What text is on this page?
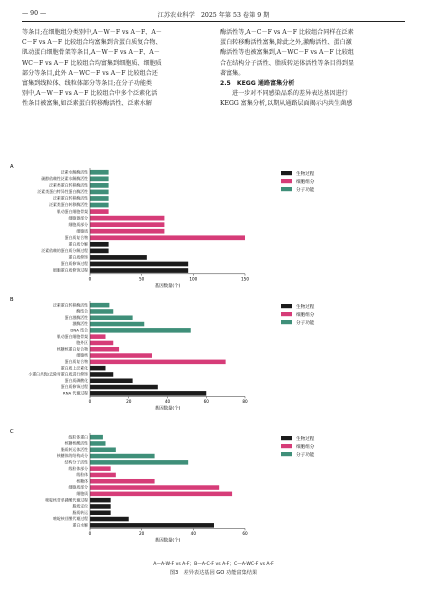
— 90 —	江苏农业科学　2025 年第 53 卷第 9 期
等条目;在细胞组分类别中,A－W－F vs A－F、A－
C－F vs A－F 比较组合均富集到含蛋白质复合物、
肌动蛋白细胞骨架等条目,A－W－F vs A－F、A－
WC－F vs A－F 比较组合均富集到细胞质、细胞质
部分等条目,此外 A－WC－F vs A－F 比较组合还
富集到线粒体、线粒体部分等条目;在分子功能类
别中,A－W－F vs A－F 比较组合中多个泛素化活
性条目被富集,如泛素蛋白转移酶活性、泛素水解
酶活性等,A－C－F vs A－F 比较组合同样在泛素
蛋白转移酶活性富集,除此之外,激酶活性、蛋白激
酶活性等也被富集到,A－WC－F vs A－F 比较组
合在结构分子活性、脂质转运体活性等条目得到显
著富集。
2.5　KEGG 通路富集分析
进一步对不同感染品系的差异表达基因进行
KEGG 富集分析,以期从通路层面揭示内共生菌感
A
泛素水解酶活性
硫醇依赖性泛素水解酶活性
泛素类蛋白转移酶活性
泛素类蛋白特异性蛋白酶活性
泛素蛋白转移酶活性
泛素类蛋白转移酶活性
肌动蛋白细胞骨架
细胞器部分
细胞质部分
细胞质
蛋白质复合物
蛋白质分解
泛素依赖的蛋白质分解过程
蛋白质修饰
蛋白质修饰过程
细胞蛋白质修饰过程
0	50	100	150
基因数量(个)
生物过程
细胞组分
分子功能
B
泛素蛋白转移酶活性
酶结合
蛋白激酶活性
激酶活性
DNA 结合
肌动蛋白细胞骨架
胞外区
核糖核蛋白复合物
细胞核
蛋白质复合物
蛋白质上泛素化
小蛋白共轭/去除对蛋白质进行修饰
蛋白质磷酸化
蛋白质修饰过程
RNA 代谢过程
0	20	40	60	80
基因数量(个)
生物过程
细胞组分
分子功能
C
线粒体蛋白
核糖核酸活性
脂质转运体活性
核糖体的结构成分
结构分子活性
线粒体部分
线粒体
核糖体
细胞质部分
细胞质
嘧啶核苷单磷酸代谢过程
脂质定位
脂质转运
嘧啶核苷酸代谢过程
蛋白水解
0	20	40	60
基因数量(个)
生物过程
细胞组分
分子功能
A—A-W-F vs A-F；B—A-C-F vs A-F；C—A-WC-F vs A-F
图3　差异表达基因 GO 功能富集结果
